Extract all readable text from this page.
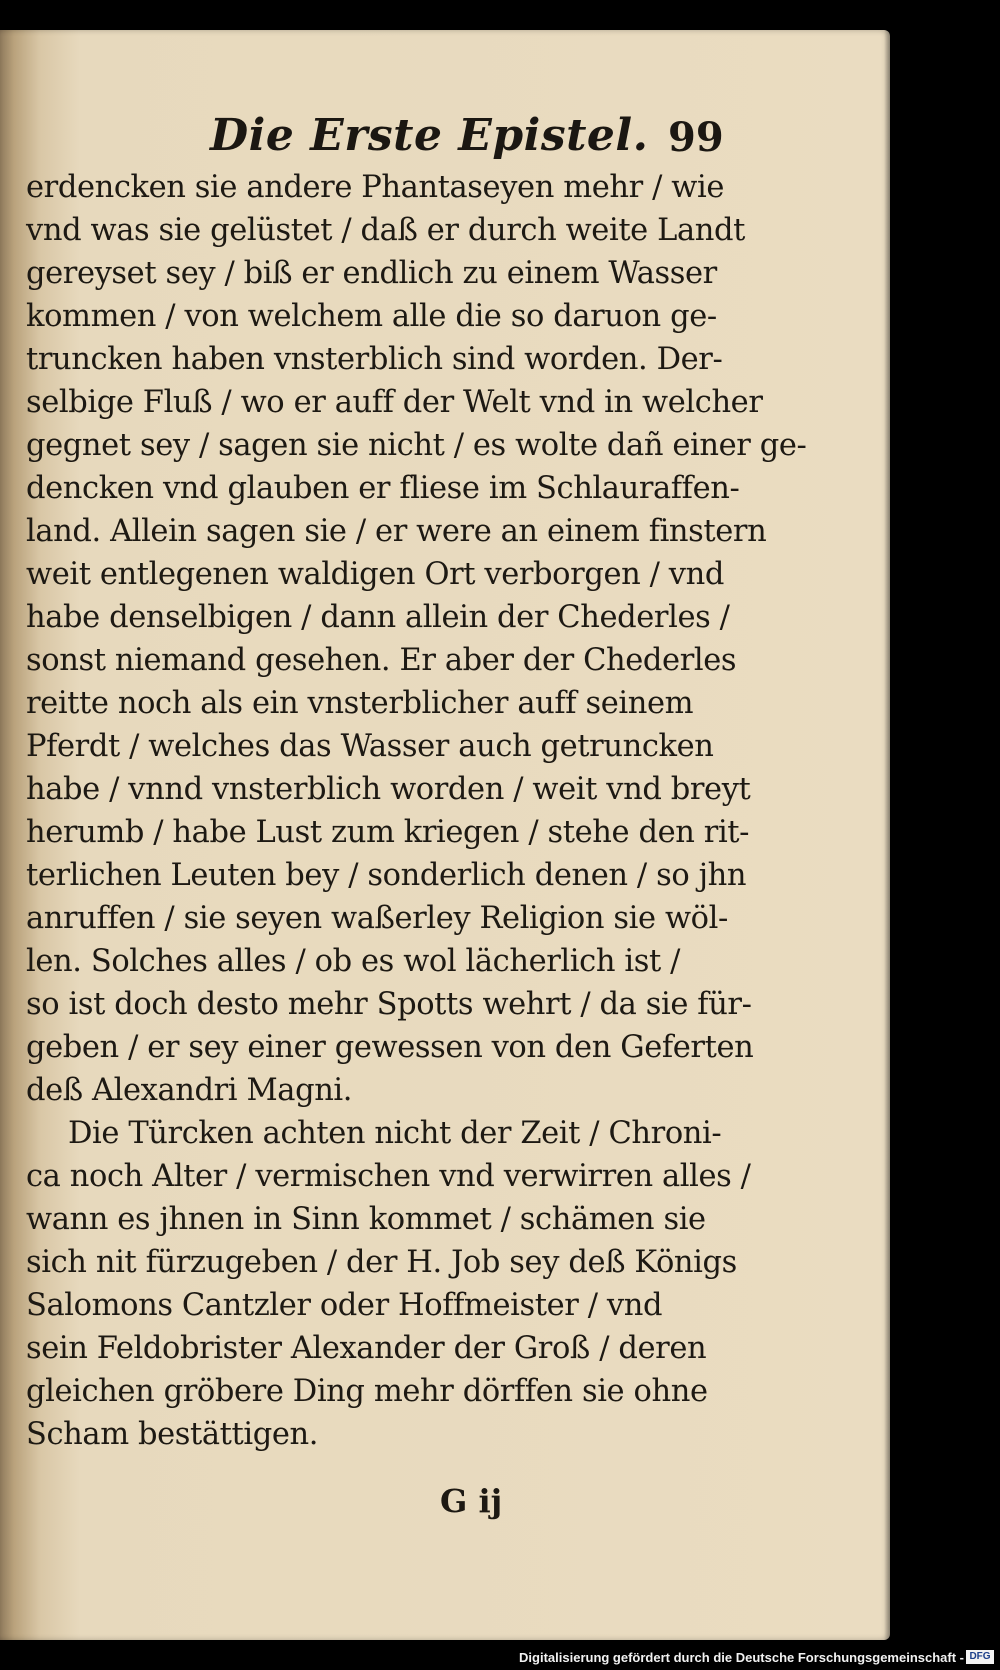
Die Erste Epistel. 99
erdencken sie andere Phantaseyen mehr / wie
vnd was sie gelüstet / daß er durch weite Landt
gereyset sey / biß er endlich zu einem Wasser
kommen / von welchem alle die so daruon ge-
truncken haben vnsterblich sind worden. Der-
selbige Fluß / wo er auff der Welt vnd in welcher
gegnet sey / sagen sie nicht / es wolte dañ einer ge-
dencken vnd glauben er fliese im Schlauraffen-
land. Allein sagen sie / er were an einem finstern
weit entlegenen waldigen Ort verborgen / vnd
habe denselbigen / dann allein der Chederles /
sonst niemand gesehen. Er aber der Chederles
reitte noch als ein vnsterblicher auff seinem
Pferdt / welches das Wasser auch getruncken
habe / vnnd vnsterblich worden / weit vnd breyt
herumb / habe Lust zum kriegen / stehe den rit-
terlichen Leuten bey / sonderlich denen / so jhn
anruffen / sie seyen waßerley Religion sie wöl-
len. Solches alles / ob es wol lächerlich ist /
so ist doch desto mehr Spotts wehrt / da sie für-
geben / er sey einer gewessen von den Geferten
deß Alexandri Magni.
Die Türcken achten nicht der Zeit / Chroni-
ca noch Alter / vermischen vnd verwirren alles /
wann es jhnen in Sinn kommet / schämen sie
sich nit fürzugeben / der H. Job sey deß Königs
Salomons Cantzler oder Hoffmeister / vnd
sein Feldobrister Alexander der Groß / deren
gleichen gröbere Ding mehr dörffen sie ohne
Scham bestättigen.
G ij
Digitalisierung gefördert durch die Deutsche Forschungsgemeinschaft - DFG
